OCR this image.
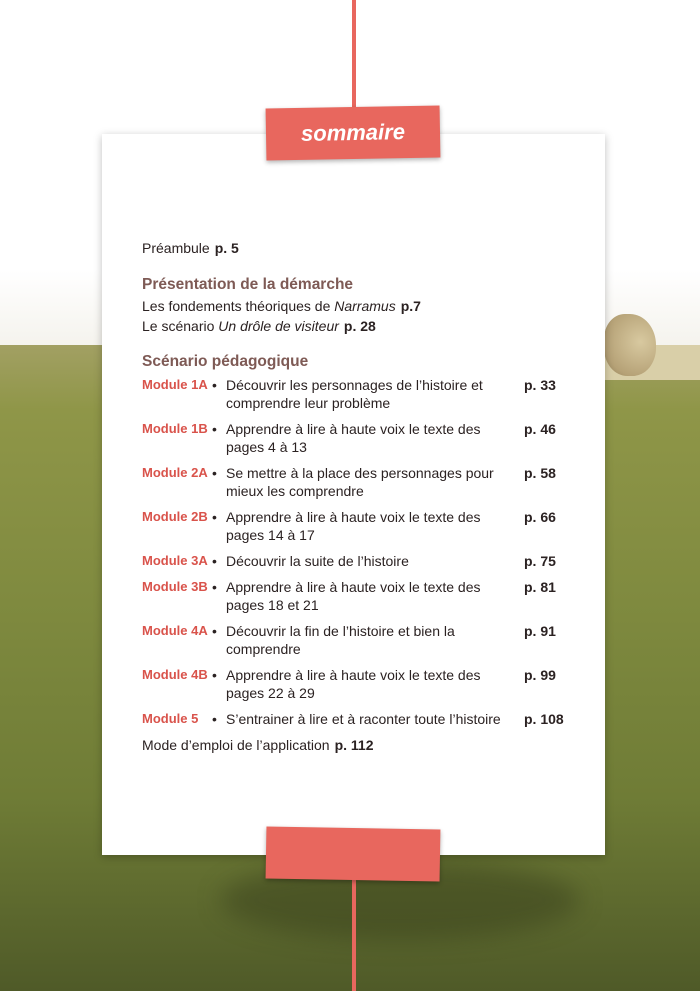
sommaire
Préambule p. 5
Présentation de la démarche
Les fondements théoriques de Narramus p.7
Le scénario Un drôle de visiteur p. 28
Scénario pédagogique
Module 1A • Découvrir les personnages de l’histoire et comprendre leur problème
p. 33
Module 1B • Apprendre à lire à haute voix le texte des pages 4 à 13
p. 46
Module 2A • Se mettre à la place des personnages pour mieux les comprendre
p. 58
Module 2B • Apprendre à lire à haute voix le texte des pages 14 à 17
p. 66
Module 3A • Découvrir la suite de l’histoire	p. 75
Module 3B • Apprendre à lire à haute voix le texte des pages 18 et 21
p. 81
Module 4A • Découvrir la fin de l’histoire et bien la comprendre
p. 91
Module 4B • Apprendre à lire à haute voix le texte des pages 22 à 29
p. 99
Module 5 • S’entrainer à lire et à raconter toute l’histoire	p. 108
Mode d’emploi de l’application p. 112
